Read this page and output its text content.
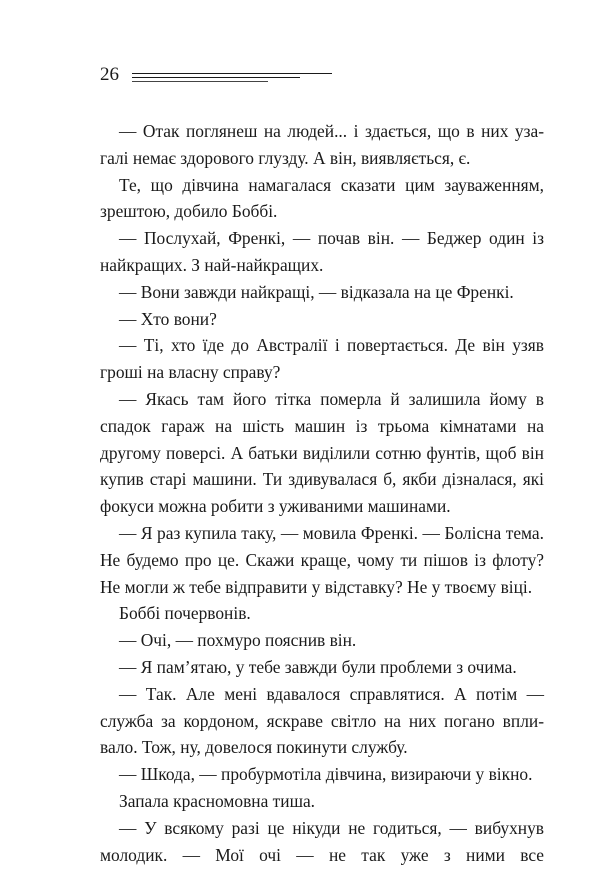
26

— Отак поглянеш на людей... і здається, що в них узагалі немає здорового глузду. А він, виявляється, є.

Те, що дівчина намагалася сказати цим зауваженням, зрештою, добило Боббі.

— Послухай, Френкі, — почав він. — Беджер один із найкращих. З най-найкращих.

— Вони завжди найкращі, — відказала на це Френкі.

— Хто вони?

— Ті, хто їде до Австралії і повертається. Де він узяв гроші на власну справу?

— Якась там його тітка померла й залишила йому в спадок гараж на шість машин із трьома кімнатами на другому поверсі. А батьки виділили сотню фунтів, щоб він купив старі машини. Ти здивувалася б, якби дізналася, які фокуси можна робити з уживаними машинами.

— Я раз купила таку, — мовила Френкі. — Болісна тема. Не будемо про це. Скажи краще, чому ти пішов із флоту? Не могли ж тебе відправити у відставку? Не у твоєму віці.

Боббі почервонів.

— Очі, — похмуро пояснив він.

— Я пам’ятаю, у тебе завжди були проблеми з очима.

— Так. Але мені вдавалося справлятися. А потім — служба за кордоном, яскраве світло на них погано впливало. Тож, ну, довелося покинути службу.

— Шкода, — пробурмотіла дівчина, визираючи у вікно.

Запала красномовна тиша.

— У всякому разі це нікуди не годиться, — вибухнув молодик. — Мої очі — не так уже з ними все
